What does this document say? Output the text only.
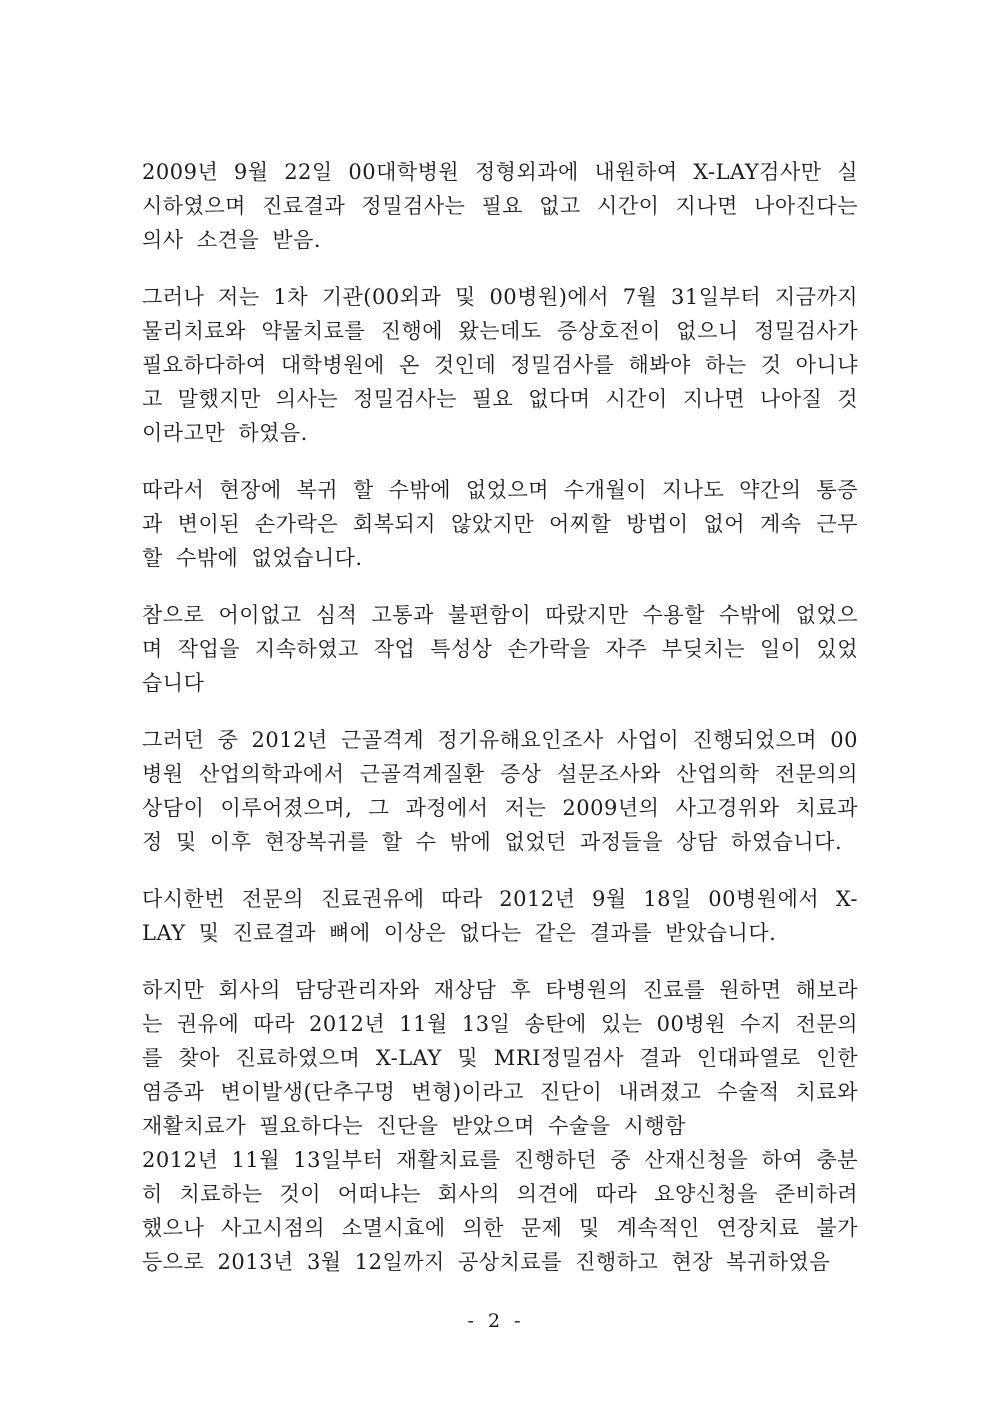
2009년 9월 22일 00대학병원 정형외과에 내원하여 X-LAY검사만 실시하였으며 진료결과 정밀검사는 필요 없고 시간이 지나면 나아진다는 의사 소견을 받음.

그러나 저는 1차 기관(00외과 및 00병원)에서 7월 31일부터 지금까지 물리치료와 약물치료를 진행에 왔는데도 증상호전이 없으니 정밀검사가 필요하다하여 대학병원에 온 것인데 정밀검사를 해봐야 하는 것 아니냐고 말했지만 의사는 정밀검사는 필요 없다며 시간이 지나면 나아질 것이라고만 하였음.

따라서 현장에 복귀 할 수밖에 없었으며 수개월이 지나도 약간의 통증과 변이된 손가락은 회복되지 않았지만 어찌할 방법이 없어 계속 근무 할 수밖에 없었습니다.

참으로 어이없고 심적 고통과 불편함이 따랐지만 수용할 수밖에 없었으며 작업을 지속하였고 작업 특성상 손가락을 자주 부딪치는 일이 있었습니다

그러던 중 2012년 근골격계 정기유해요인조사 사업이 진행되었으며 00병원 산업의학과에서 근골격계질환 증상 설문조사와 산업의학 전문의의 상담이 이루어졌으며, 그 과정에서 저는 2009년의 사고경위와 치료과정 및 이후 현장복귀를 할 수 밖에 없었던 과정들을 상담 하였습니다.

다시한번 전문의 진료권유에 따라 2012년 9월 18일 00병원에서 X-LAY 및 진료결과 뼈에 이상은 없다는 같은 결과를 받았습니다.

하지만 회사의 담당관리자와 재상담 후 타병원의 진료를 원하면 해보라는 권유에 따라 2012년 11월 13일 송탄에 있는 00병원 수지 전문의를 찾아 진료하였으며 X-LAY 및 MRI정밀검사 결과 인대파열로 인한 염증과 변이발생(단추구멍 변형)이라고 진단이 내려졌고 수술적 치료와 재활치료가 필요하다는 진단을 받았으며 수술을 시행함

2012년 11월 13일부터 재활치료를 진행하던 중 산재신청을 하여 충분히 치료하는 것이 어떠냐는 회사의 의견에 따라 요양신청을 준비하려 했으나 사고시점의 소멸시효에 의한 문제 및 계속적인 연장치료 불가 등으로 2013년 3월 12일까지 공상치료를 진행하고 현장 복귀하였음

- 2 -
